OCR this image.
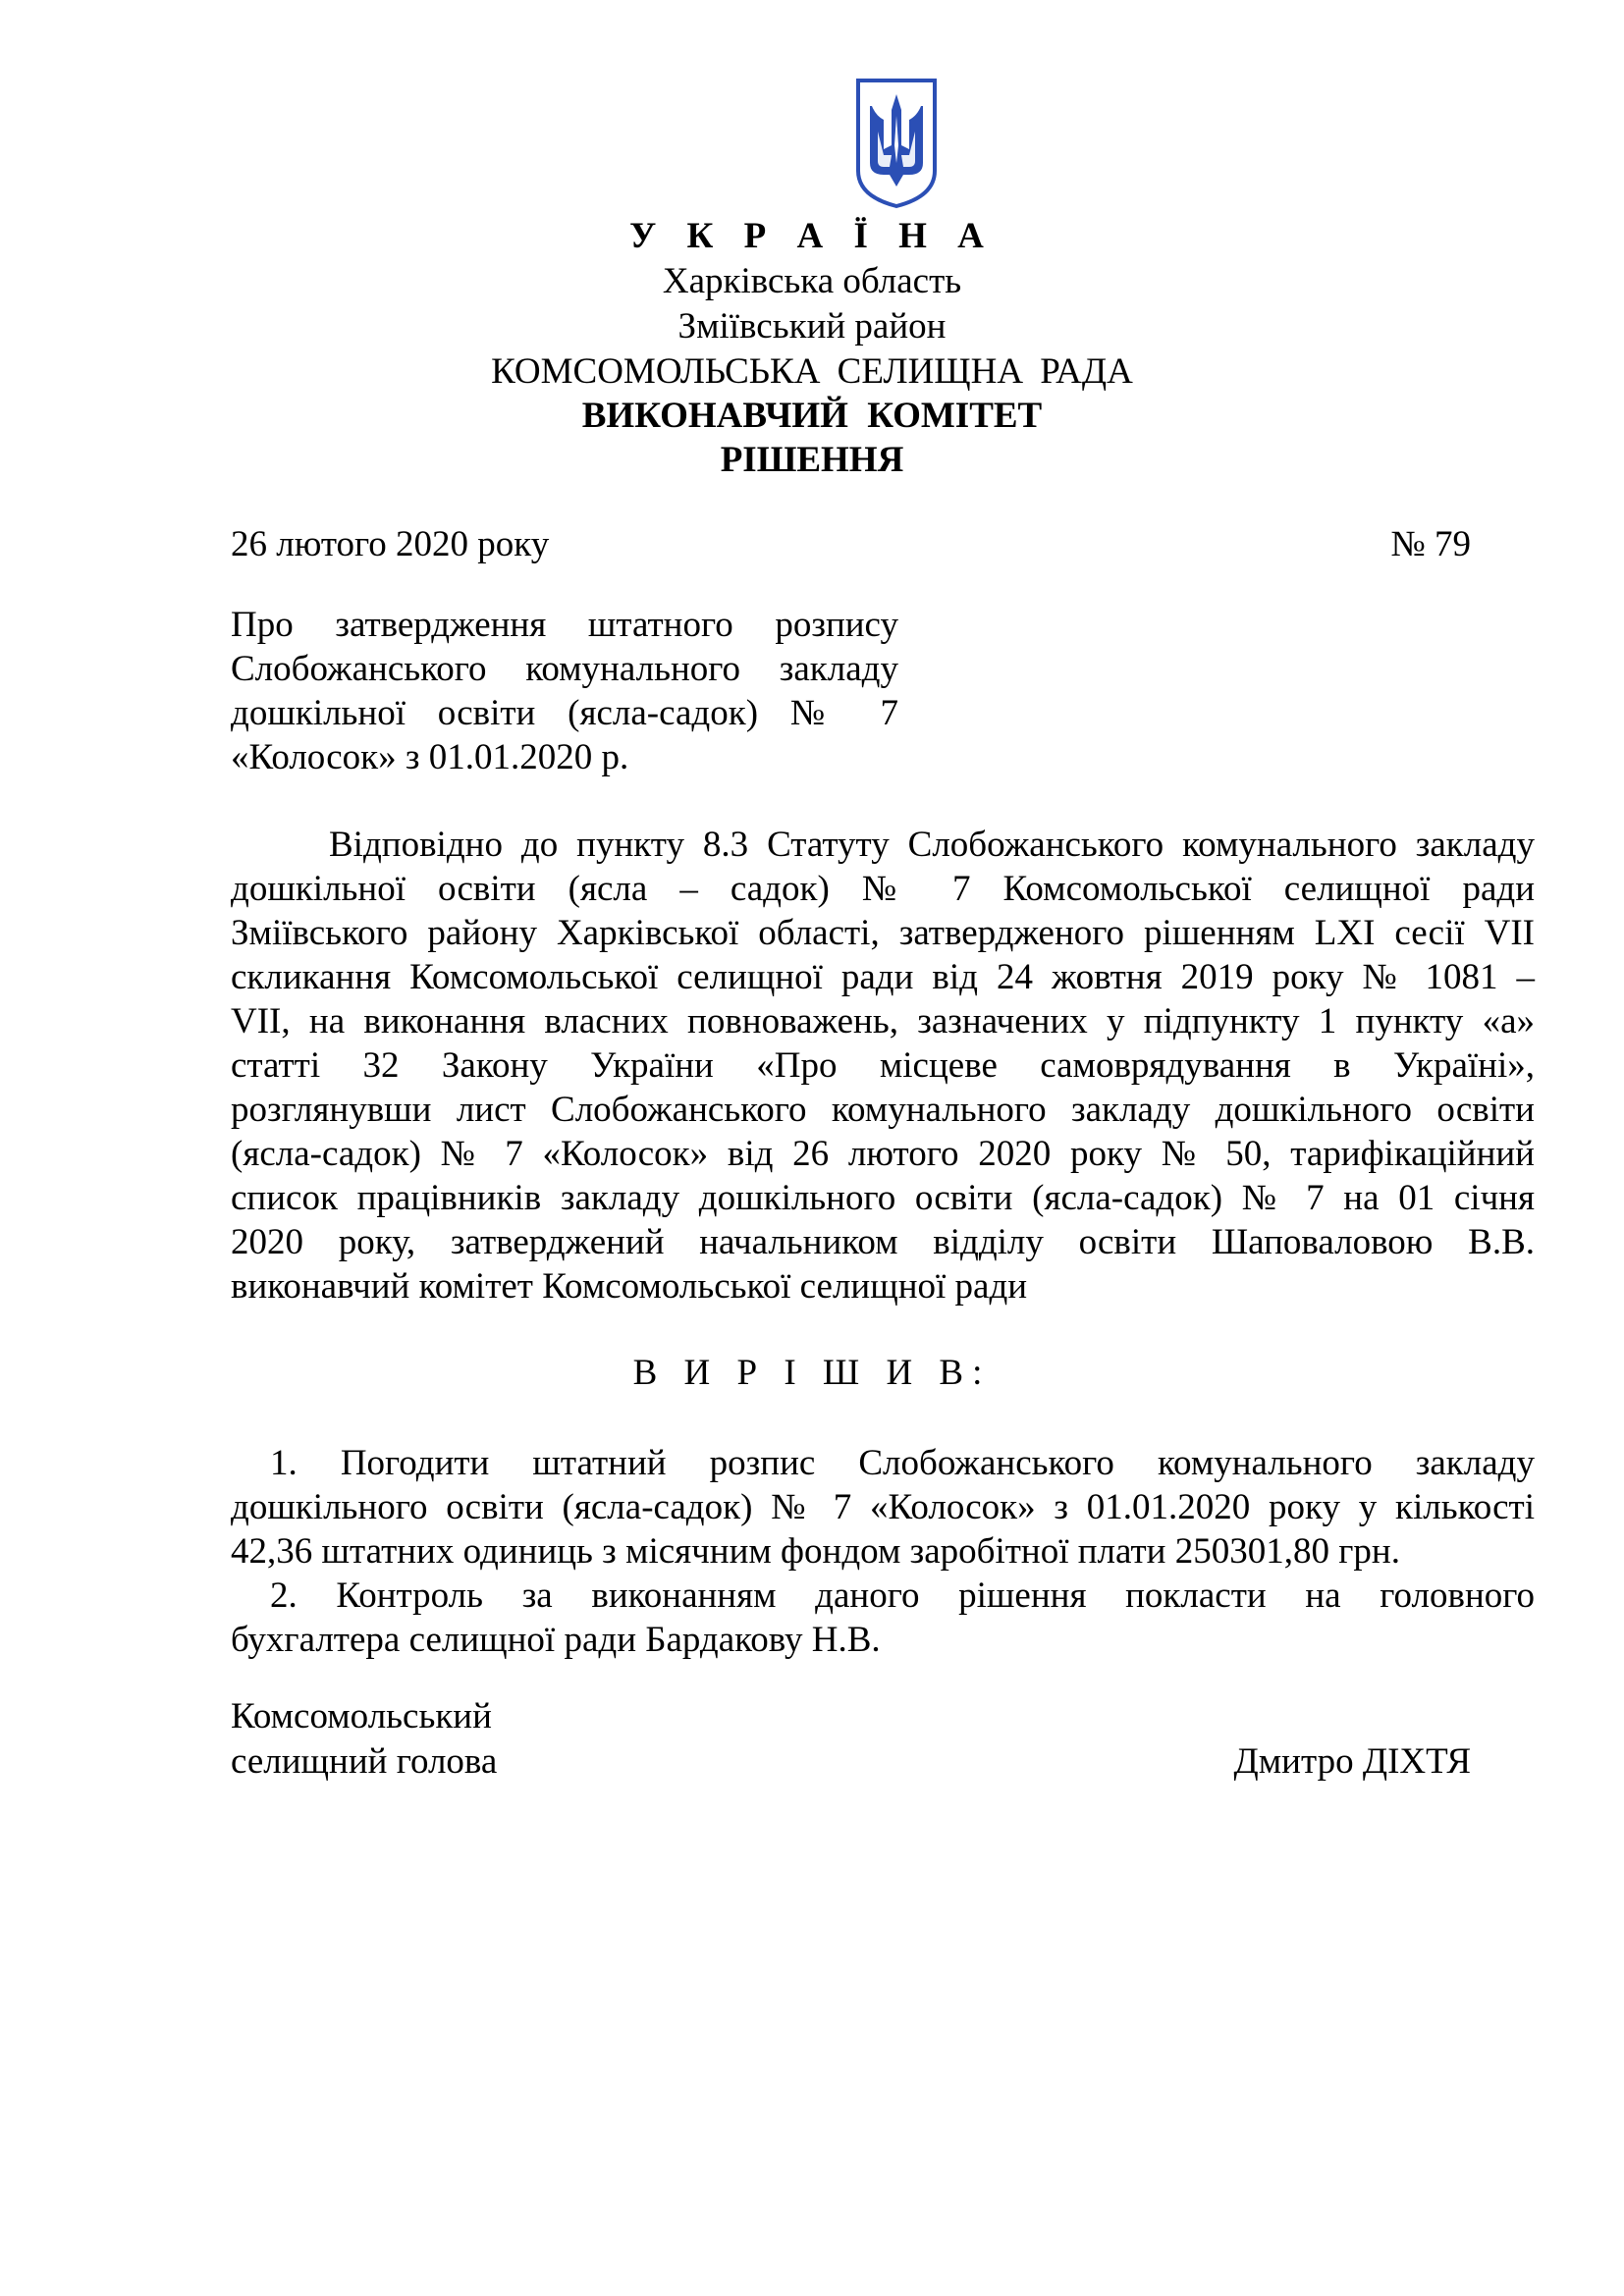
У К Р А Ї Н А
Харківська область
Зміївський район
КОМСОМОЛЬСЬКА СЕЛИЩНА РАДА
ВИКОНАВЧИЙ КОМІТЕТ
РІШЕННЯ
26 лютого 2020 року	№ 79
Про затвердження штатного розпису
Слобожанського комунального закладу
дошкільної освіти (ясла-садок) № 7
«Колосок» з 01.01.2020 р.
Відповідно до пункту 8.3 Статуту Слобожанського комунального закладу
дошкільної освіти (ясла – садок) № 7 Комсомольської селищної ради
Зміївського району Харківської області, затвердженого рішенням LXI сесії VII
скликання Комсомольської селищної ради від 24 жовтня 2019 року № 1081 –
VII, на виконання власних повноважень, зазначених у підпункту 1 пункту «а»
статті 32 Закону України «Про місцеве самоврядування в Україні»,
розглянувши лист Слобожанського комунального закладу дошкільного освіти
(ясла-садок) № 7 «Колосок» від 26 лютого 2020 року № 50, тарифікаційний
список працівників закладу дошкільного освіти (ясла-садок) № 7 на 01 січня
2020 року, затверджений начальником відділу освіти Шаповаловою В.В.
виконавчий комітет Комсомольської селищної ради
В И Р І Ш И В:
1. Погодити штатний розпис Слобожанського комунального закладу
дошкільного освіти (ясла-садок) № 7 «Колосок» з 01.01.2020 року у кількості
42,36 штатних одиниць з місячним фондом заробітної плати 250301,80 грн.
2. Контроль за виконанням даного рішення покласти на головного
бухгалтера селищної ради Бардакову Н.В.
Комсомольський
селищний голова	Дмитро ДІХТЯ
